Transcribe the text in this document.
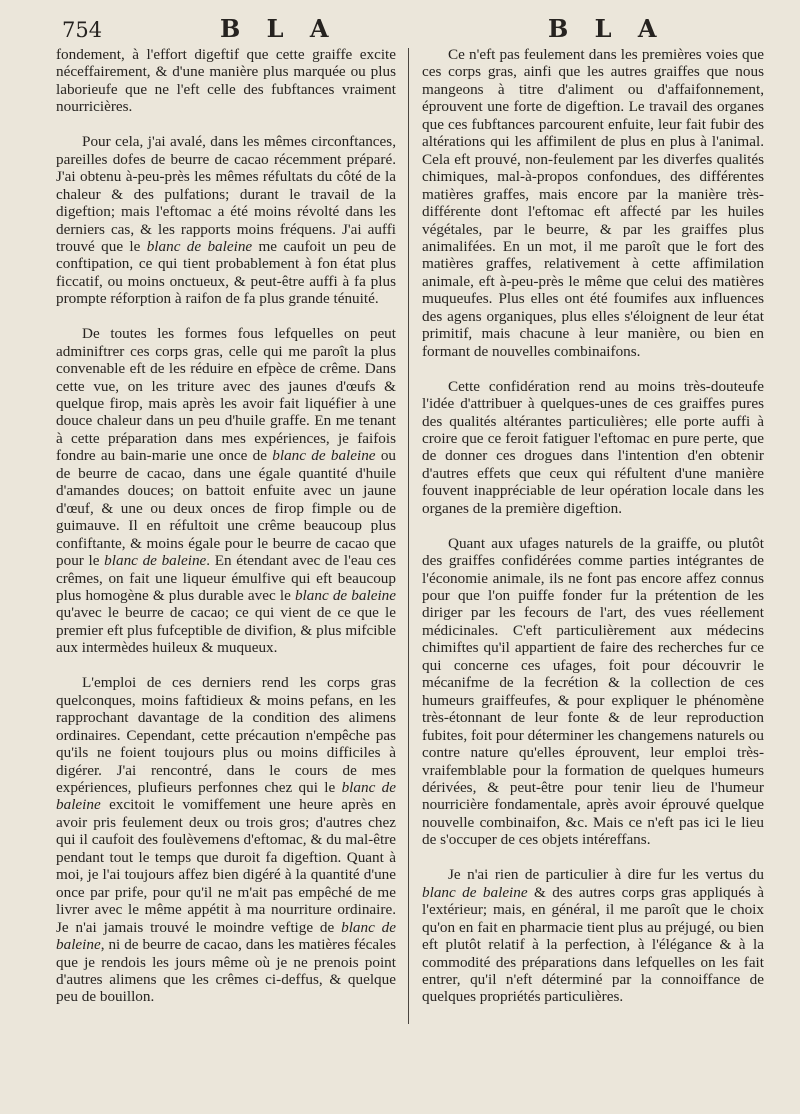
754	B L A	B L A

fondement, à l'effort digeftif que cette graiffe excite néceffairement, & d'une manière plus marquée ou plus laborieufe que ne l'eft celle des fubftances vraiment nourricières.

Pour cela, j'ai avalé, dans les mêmes circonftances, pareilles dofes de beurre de cacao récemment préparé. J'ai obtenu à-peu-près les mêmes réfultats du côté de la chaleur & des pulfations; durant le travail de la digeftion; mais l'eftomac a été moins révolté dans les derniers cas, & les rapports moins fréquens. J'ai auffi trouvé que le blanc de baleine me caufoit un peu de conftipation, ce qui tient probablement à fon état plus ficcatif, ou moins onctueux, & peut-être auffi à fa plus prompte réforption à raifon de fa plus grande ténuité.

De toutes les formes fous lefquelles on peut adminiftrer ces corps gras, celle qui me paroît la plus convenable eft de les réduire en efpèce de crême. Dans cette vue, on les triture avec des jaunes d'œufs & quelque firop, mais après les avoir fait liquéfier à une douce chaleur dans un peu d'huile graffe. En me tenant à cette préparation dans mes expériences, je faifois fondre au bain-marie une once de blanc de baleine ou de beurre de cacao, dans une égale quantité d'huile d'amandes douces; on battoit enfuite avec un jaune d'œuf, & une ou deux onces de firop fimple ou de guimauve. Il en réfultoit une crême beaucoup plus confiftante, & moins égale pour le beurre de cacao que pour le blanc de baleine. En étendant avec de l'eau ces crêmes, on fait une liqueur émulfive qui eft beaucoup plus homogène & plus durable avec le blanc de baleine qu'avec le beurre de cacao; ce qui vient de ce que le premier eft plus fufceptible de divifion, & plus mifcible aux intermèdes huileux & muqueux.

L'emploi de ces derniers rend les corps gras quelconques, moins faftidieux & moins pefans, en les rapprochant davantage de la condition des alimens ordinaires. Cependant, cette précaution n'empêche pas qu'ils ne foient toujours plus ou moins difficiles à digérer. J'ai rencontré, dans le cours de mes expériences, plufieurs perfonnes chez qui le blanc de baleine excitoit le vomiffement une heure après en avoir pris feulement deux ou trois gros; d'autres chez qui il caufoit des foulèvemens d'eftomac, & du mal-être pendant tout le temps que duroit fa digeftion. Quant à moi, je l'ai toujours affez bien digéré à la quantité d'une once par prife, pour qu'il ne m'ait pas empêché de me livrer avec le même appétit à ma nourriture ordinaire. Je n'ai jamais trouvé le moindre veftige de blanc de baleine, ni de beurre de cacao, dans les matières fécales que je rendois les jours même où je ne prenois point d'autres alimens que les crêmes ci-deffus, & quelque peu de bouillon.

Ce n'eft pas feulement dans les premières voies que ces corps gras, ainfi que les autres graiffes que nous mangeons à titre d'aliment ou d'affaifonnement, éprouvent une forte de digeftion. Le travail des organes que ces fubftances parcourent enfuite, leur fait fubir des altérations qui les affimilent de plus en plus à l'animal. Cela eft prouvé, non-feulement par les diverfes qualités chimiques, mal-à-propos confondues, des différentes matières graffes, mais encore par la manière très-différente dont l'eftomac eft affecté par les huiles végétales, par le beurre, & par les graiffes plus animalifées. En un mot, il me paroît que le fort des matières graffes, relativement à cette affimilation animale, eft à-peu-près le même que celui des matières muqueufes. Plus elles ont été foumifes aux influences des agens organiques, plus elles s'éloignent de leur état primitif, mais chacune à leur manière, ou bien en formant de nouvelles combinaifons.

Cette confidération rend au moins très-douteufe l'idée d'attribuer à quelques-unes de ces graiffes pures des qualités altérantes particulières; elle porte auffi à croire que ce feroit fatiguer l'eftomac en pure perte, que de donner ces drogues dans l'intention d'en obtenir d'autres effets que ceux qui réfultent d'une manière fouvent inappréciable de leur opération locale dans les organes de la première digeftion.

Quant aux ufages naturels de la graiffe, ou plutôt des graiffes confidérées comme parties intégrantes de l'économie animale, ils ne font pas encore affez connus pour que l'on puiffe fonder fur la prétention de les diriger par les fecours de l'art, des vues réellement médicinales. C'eft particulièrement aux médecins chimiftes qu'il appartient de faire des recherches fur ce qui concerne ces ufages, foit pour découvrir le mécanifme de la fecrétion & la collection de ces humeurs graiffeufes, & pour expliquer le phénomène très-étonnant de leur fonte & de leur reproduction fubites, foit pour déterminer les changemens naturels ou contre nature qu'elles éprouvent, leur emploi très-vraifemblable pour la formation de quelques humeurs dérivées, & peut-être pour tenir lieu de l'humeur nourricière fondamentale, après avoir éprouvé quelque nouvelle combinaifon, &c. Mais ce n'eft pas ici le lieu de s'occuper de ces objets intéreffans.

Je n'ai rien de particulier à dire fur les vertus du blanc de baleine & des autres corps gras appliqués à l'extérieur; mais, en général, il me paroît que le choix qu'on en fait en pharmacie tient plus au préjugé, ou bien eft plutôt relatif à la perfection, à l'élégance & à la commodité des préparations dans lefquelles on les fait entrer, qu'il n'eft déterminé par la connoiffance de quelques propriétés particulières.
